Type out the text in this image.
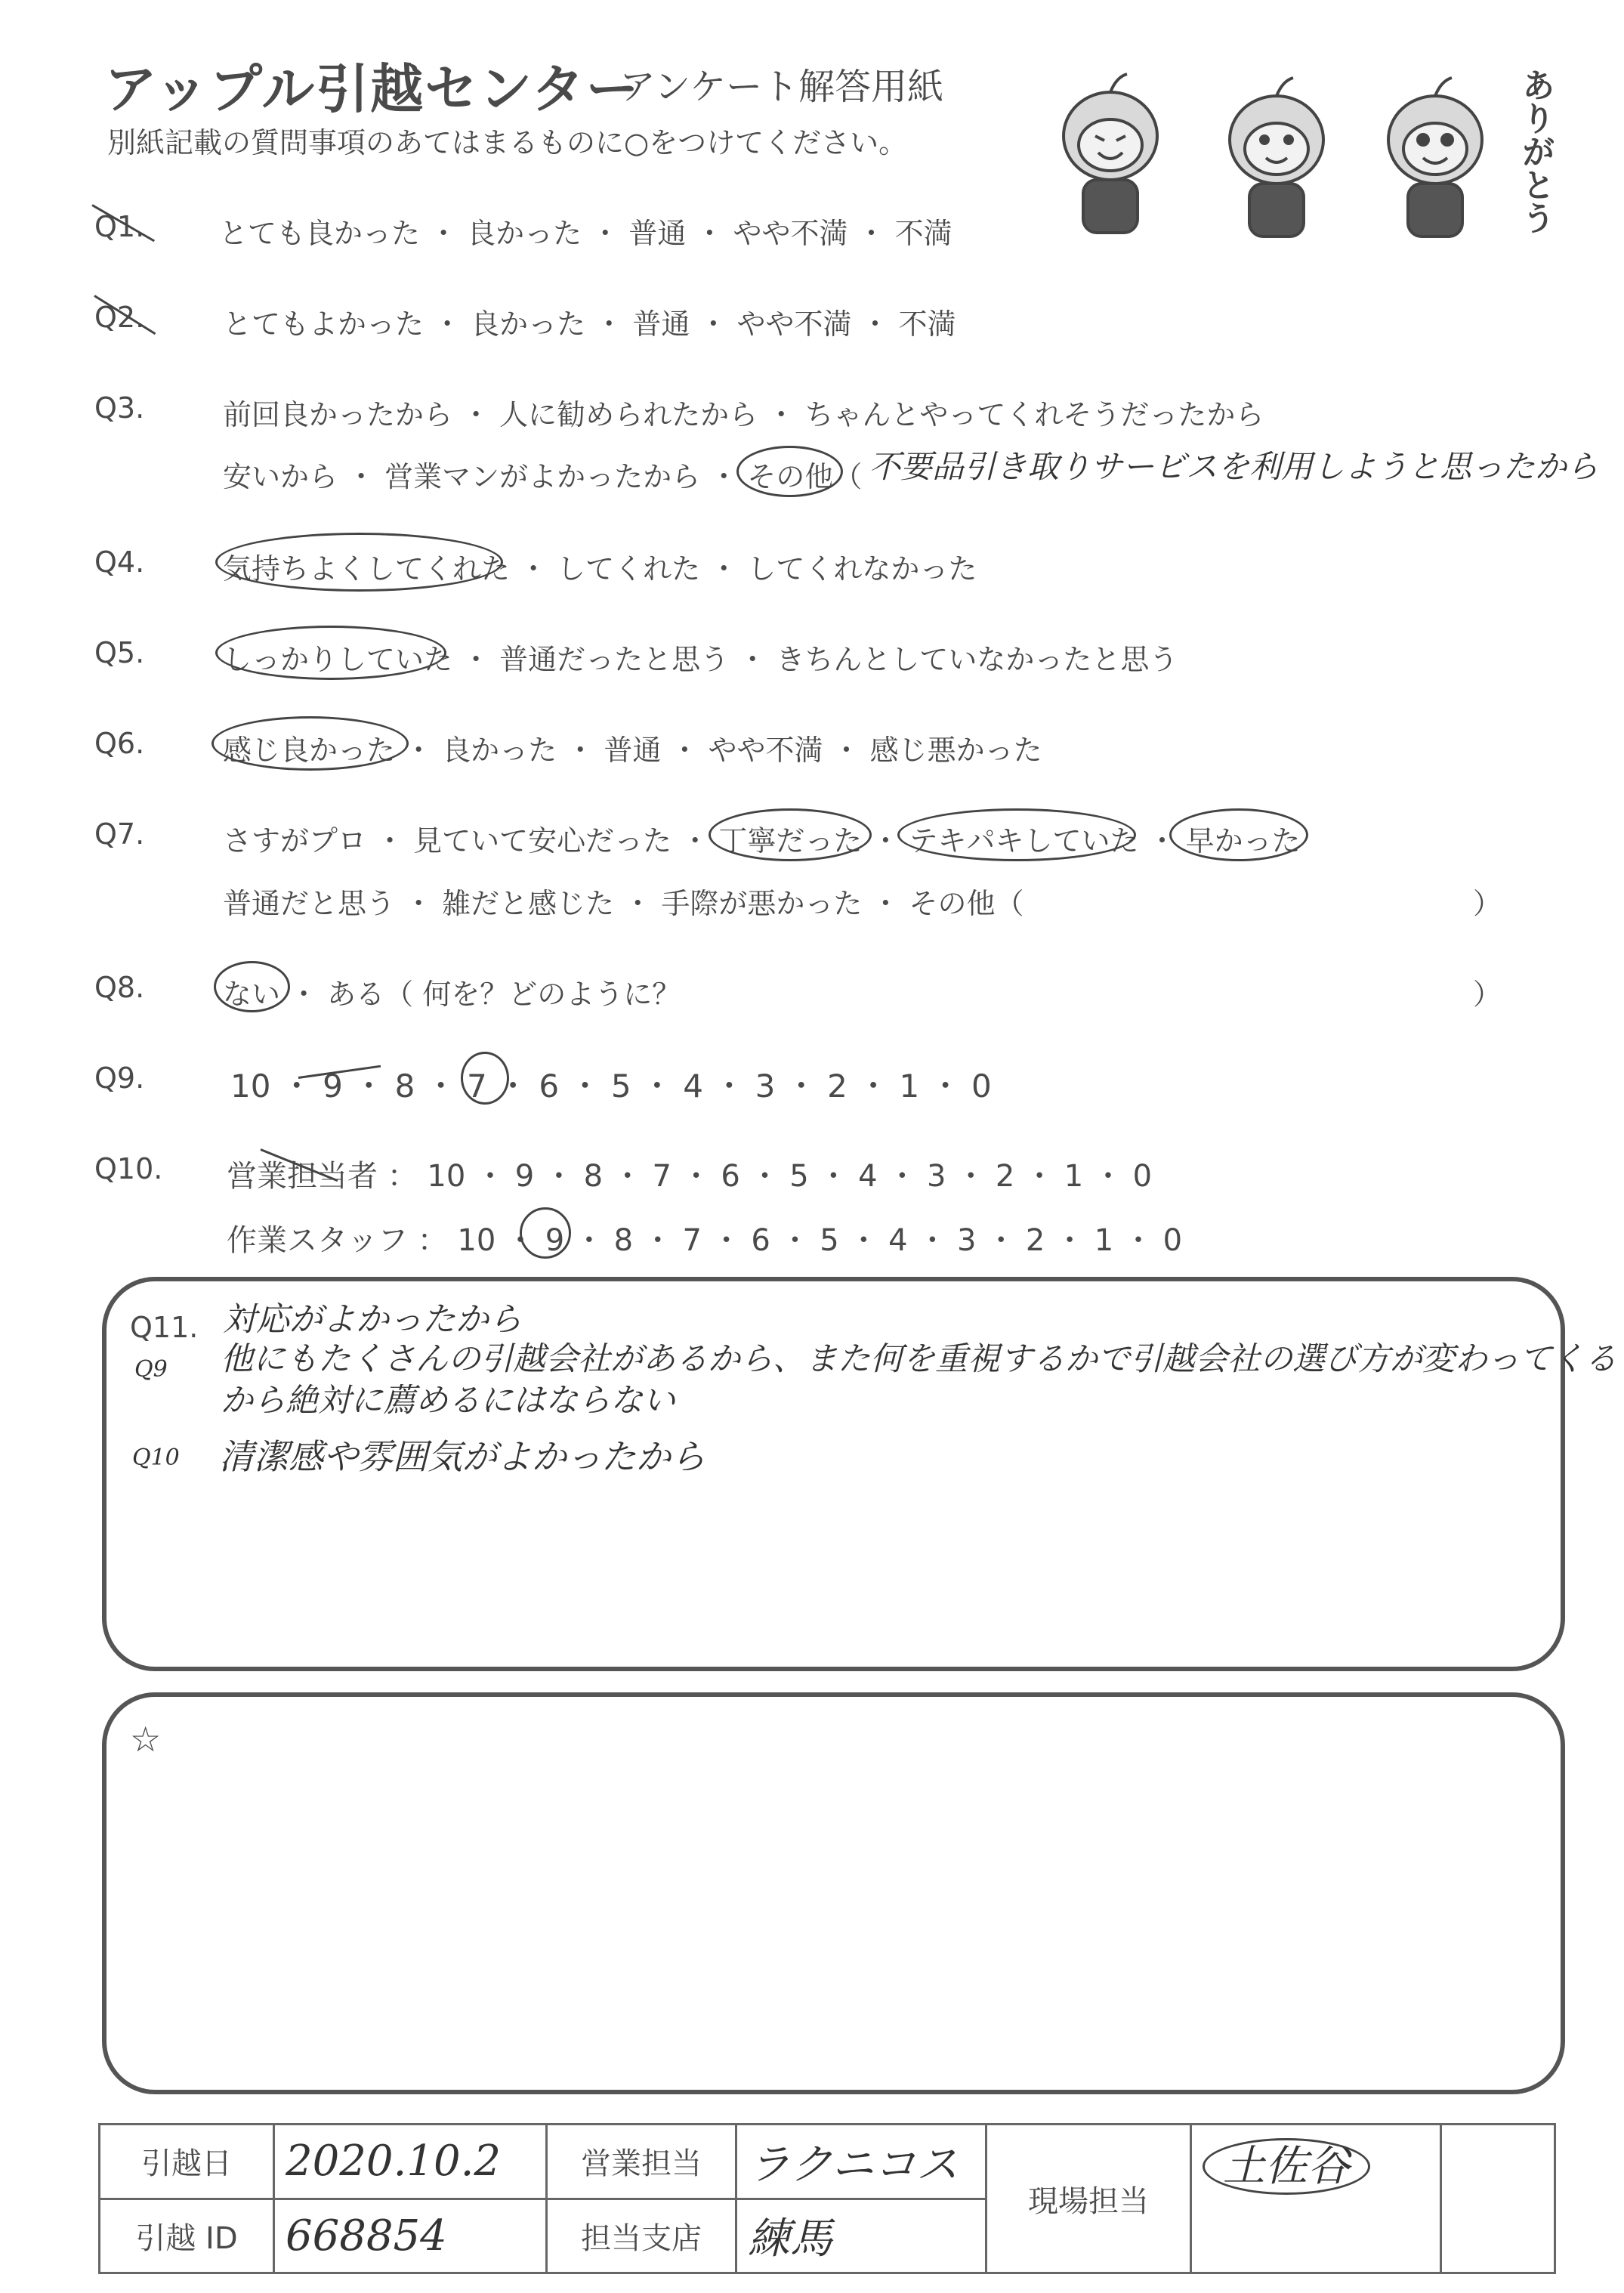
アップル引越センター
アンケート解答用紙
別紙記載の質問事項のあてはまるものに○をつけてください。	ありがとう
Q1.	とても良かった ・ 良かった ・ 普通 ・ やや不満 ・ 不満
Q2.	とてもよかった ・ 良かった ・ 普通 ・ やや不満 ・ 不満
Q3.	前回良かったから ・ 人に勧められたから ・ ちゃんとやってくれそうだったから
安いから ・ 営業マンがよかったから ・ その他（ 不要品引き取りサービスを利用しようと思ったから
Q4.	気持ちよくしてくれた ・ してくれた ・ してくれなかった
Q5.	しっかりしていた ・ 普通だったと思う ・ きちんとしていなかったと思う
Q6.	感じ良かった ・ 良かった ・ 普通 ・ やや不満 ・ 感じ悪かった
Q7.	さすがプロ ・ 見ていて安心だった ・ 丁寧だった ・ テキパキしていた ・ 早かった
普通だと思う ・ 雑だと感じた ・ 手際が悪かった ・ その他（	）
Q8.	ない ・ ある（ 何を？どのように？	）
Q9.	10 ・ 9 ・ 8 ・ 7 ・ 6 ・ 5 ・ 4 ・ 3 ・ 2 ・ 1 ・ 0
Q10. 営業担当者 ： 10 ・ 9 ・ 8 ・ 7 ・ 6 ・ 5 ・ 4 ・ 3 ・ 2 ・ 1 ・ 0
作業スタッフ ： 10 ・ 9 ・ 8 ・ 7 ・ 6 ・ 5 ・ 4 ・ 3 ・ 2 ・ 1 ・ 0
Q11. 対応がよかったから
Q9 他にもたくさんの引越会社があるから、また何を重視するかで引越会社の選び方が変わってくる
から絶対に薦めるにはならない
Q10 清潔感や雰囲気がよかったから
☆
引越日	2020.10.2	営業担当	ラクニコス	現場担当	土佐谷	
引越 ID	668854	担当支店	練馬			
